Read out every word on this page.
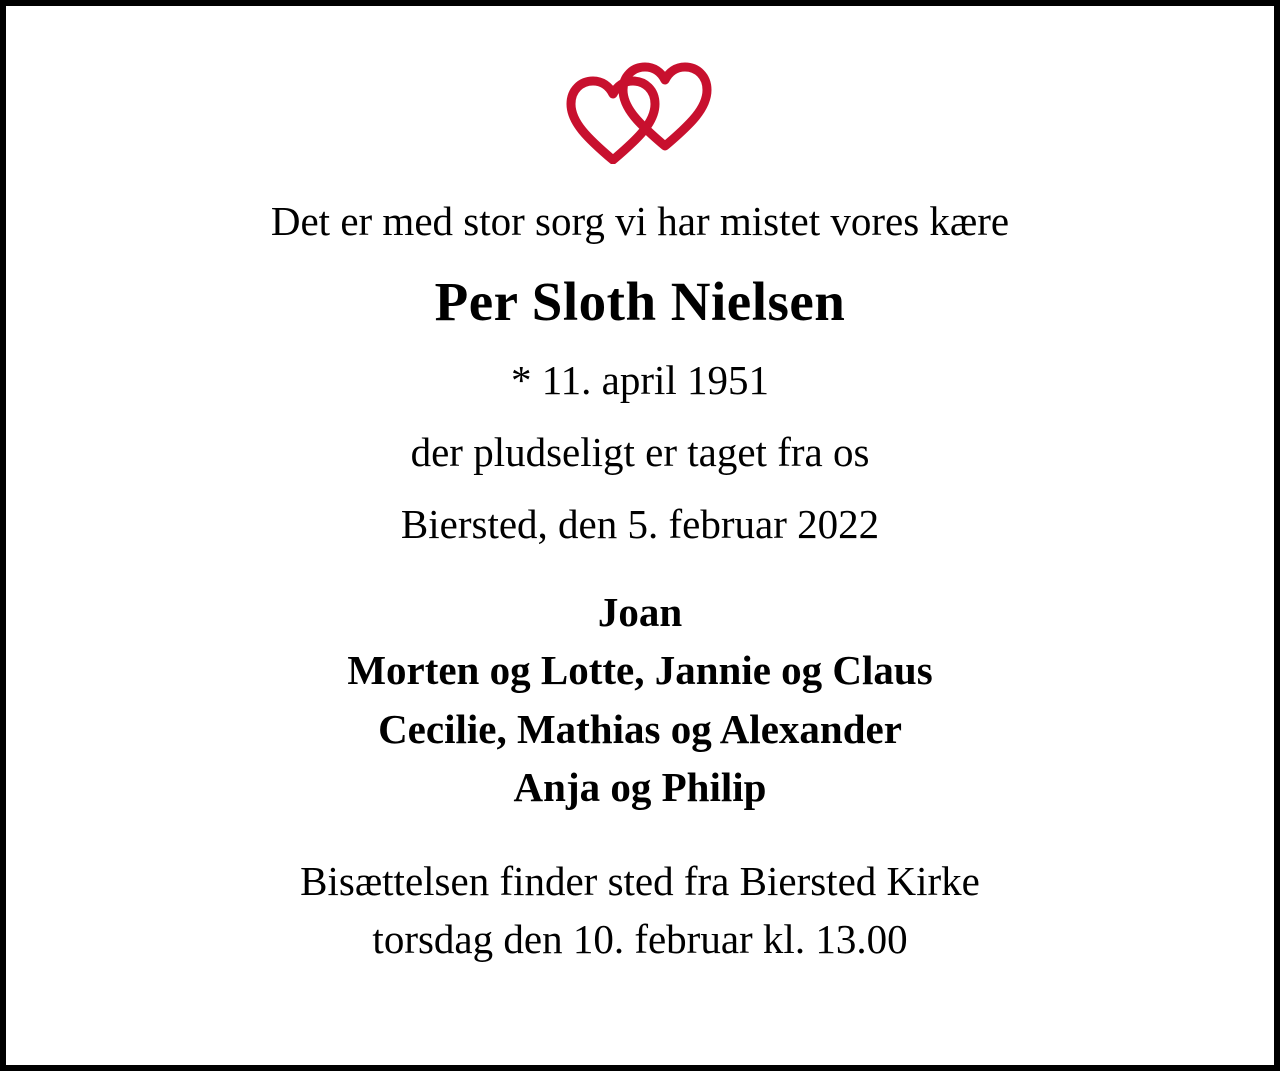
Det er med stor sorg vi har mistet vores kære
Per Sloth Nielsen
* 11. april 1951
der pludseligt er taget fra os
Biersted, den 5. februar 2022
Joan
Morten og Lotte, Jannie og Claus
Cecilie, Mathias og Alexander
Anja og Philip
Bisættelsen finder sted fra Biersted Kirke
torsdag den 10. februar kl. 13.00
